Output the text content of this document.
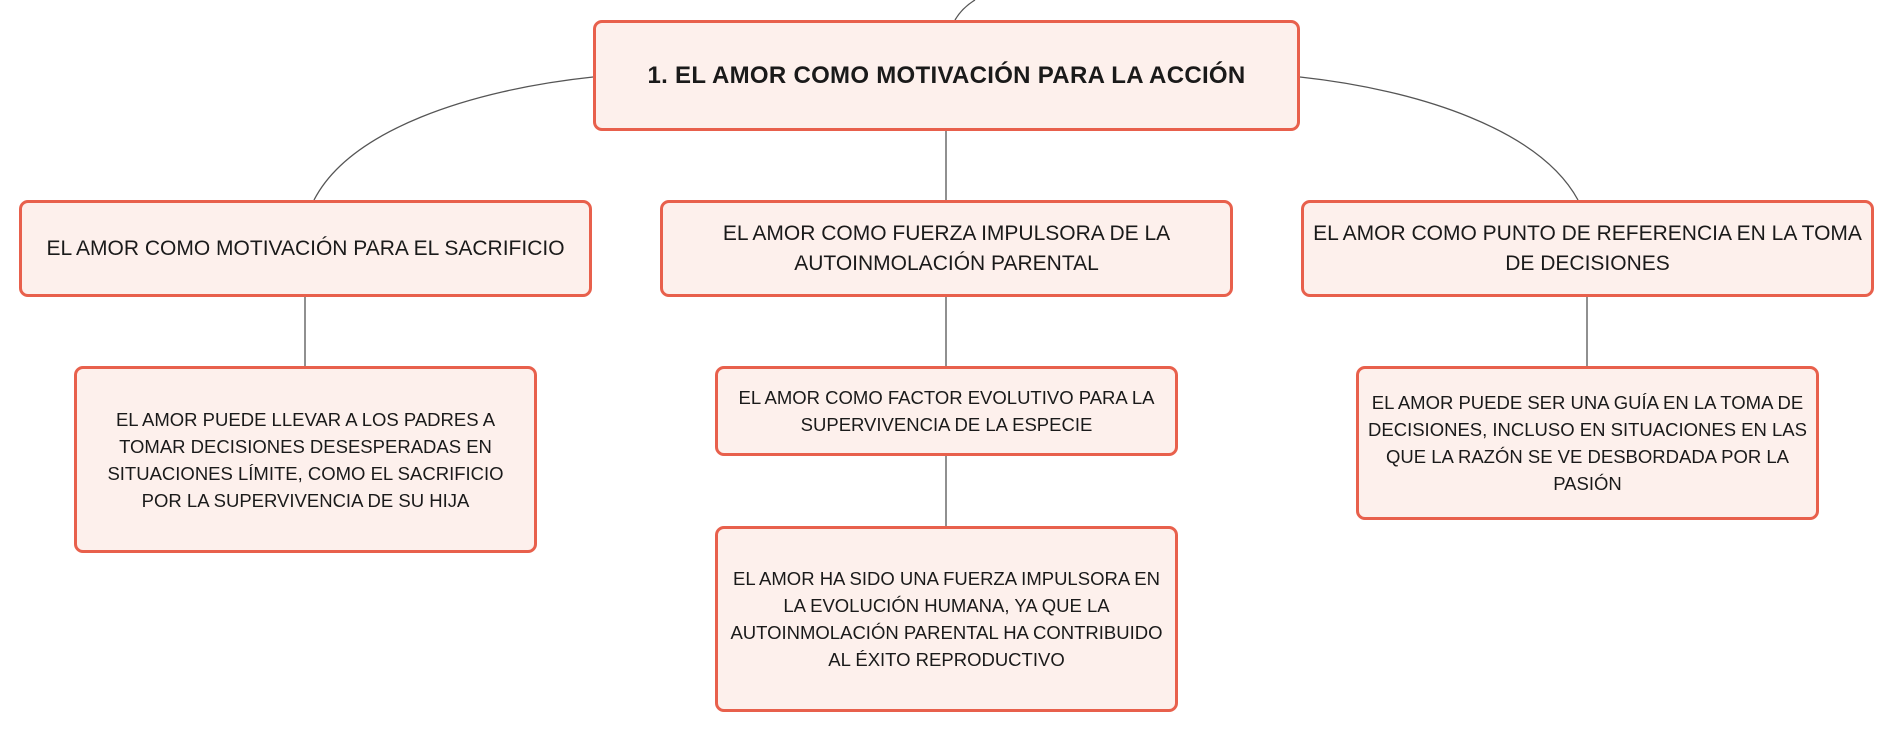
1. EL AMOR COMO MOTIVACIÓN PARA LA ACCIÓN
EL AMOR COMO MOTIVACIÓN PARA EL SACRIFICIO
EL AMOR COMO FUERZA IMPULSORA DE LA AUTOINMOLACIÓN PARENTAL
EL AMOR COMO PUNTO DE REFERENCIA EN LA TOMA DE DECISIONES
EL AMOR PUEDE LLEVAR A LOS PADRES A TOMAR DECISIONES DESESPERADAS EN SITUACIONES LÍMITE, COMO EL SACRIFICIO POR LA SUPERVIVENCIA DE SU HIJA
EL AMOR COMO FACTOR EVOLUTIVO PARA LA SUPERVIVENCIA DE LA ESPECIE
EL AMOR HA SIDO UNA FUERZA IMPULSORA EN LA EVOLUCIÓN HUMANA, YA QUE LA AUTOINMOLACIÓN PARENTAL HA CONTRIBUIDO AL ÉXITO REPRODUCTIVO
EL AMOR PUEDE SER UNA GUÍA EN LA TOMA DE DECISIONES, INCLUSO EN SITUACIONES EN LAS QUE LA RAZÓN SE VE DESBORDADA POR LA PASIÓN
